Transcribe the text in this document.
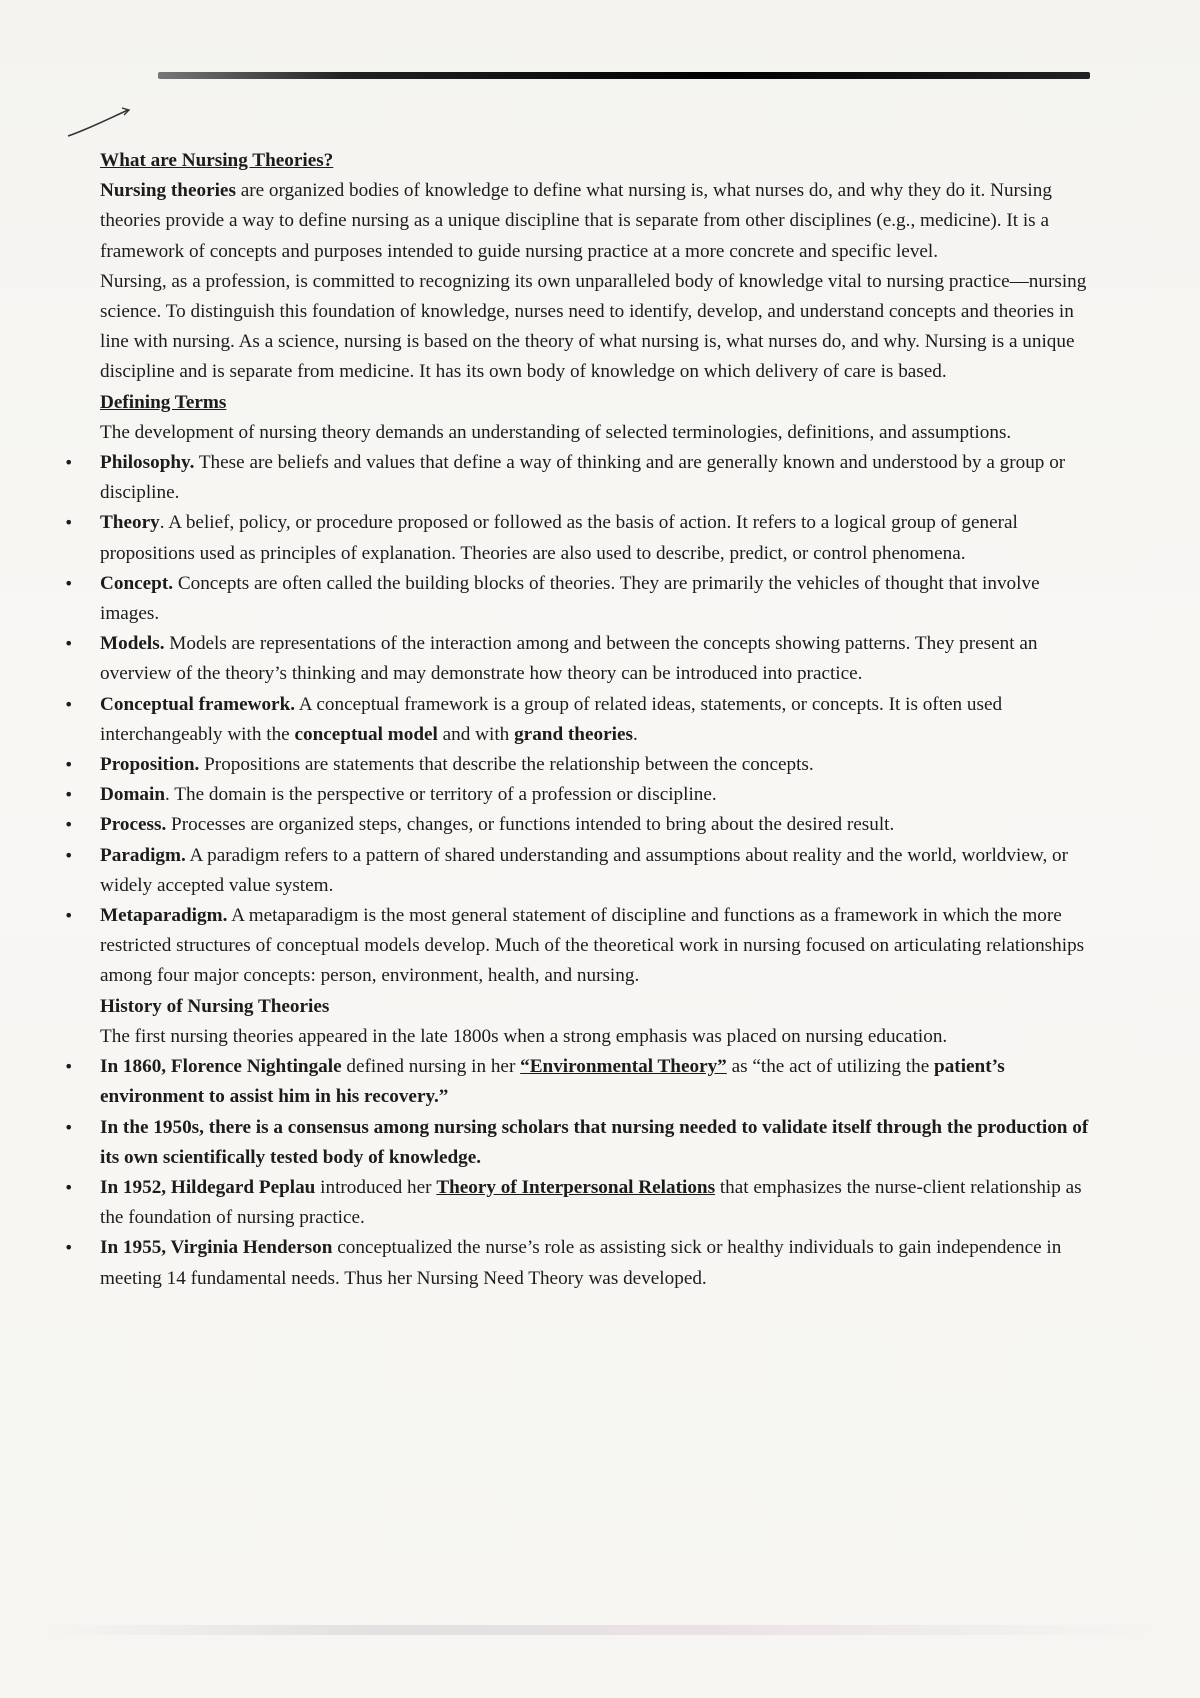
What are Nursing Theories?

Nursing theories are organized bodies of knowledge to define what nursing is, what nurses do, and why they do it. Nursing theories provide a way to define nursing as a unique discipline that is separate from other disciplines (e.g., medicine). It is a framework of concepts and purposes intended to guide nursing practice at a more concrete and specific level.

Nursing, as a profession, is committed to recognizing its own unparalleled body of knowledge vital to nursing practice—nursing science. To distinguish this foundation of knowledge, nurses need to identify, develop, and understand concepts and theories in line with nursing. As a science, nursing is based on the theory of what nursing is, what nurses do, and why. Nursing is a unique discipline and is separate from medicine. It has its own body of knowledge on which delivery of care is based.

Defining Terms

The development of nursing theory demands an understanding of selected terminologies, definitions, and assumptions.

• Philosophy. These are beliefs and values that define a way of thinking and are generally known and understood by a group or discipline.
• Theory. A belief, policy, or procedure proposed or followed as the basis of action. It refers to a logical group of general propositions used as principles of explanation. Theories are also used to describe, predict, or control phenomena.
• Concept. Concepts are often called the building blocks of theories. They are primarily the vehicles of thought that involve images.
• Models. Models are representations of the interaction among and between the concepts showing patterns. They present an overview of the theory’s thinking and may demonstrate how theory can be introduced into practice.
• Conceptual framework. A conceptual framework is a group of related ideas, statements, or concepts. It is often used interchangeably with the conceptual model and with grand theories.
• Proposition. Propositions are statements that describe the relationship between the concepts.
• Domain. The domain is the perspective or territory of a profession or discipline.
• Process. Processes are organized steps, changes, or functions intended to bring about the desired result.
• Paradigm. A paradigm refers to a pattern of shared understanding and assumptions about reality and the world, worldview, or widely accepted value system.
• Metaparadigm. A metaparadigm is the most general statement of discipline and functions as a framework in which the more restricted structures of conceptual models develop. Much of the theoretical work in nursing focused on articulating relationships among four major concepts: person, environment, health, and nursing.

History of Nursing Theories

The first nursing theories appeared in the late 1800s when a strong emphasis was placed on nursing education.

• In 1860, Florence Nightingale defined nursing in her “Environmental Theory” as “the act of utilizing the patient’s environment to assist him in his recovery.”
• In the 1950s, there is a consensus among nursing scholars that nursing needed to validate itself through the production of its own scientifically tested body of knowledge.
• In 1952, Hildegard Peplau introduced her Theory of Interpersonal Relations that emphasizes the nurse-client relationship as the foundation of nursing practice.
• In 1955, Virginia Henderson conceptualized the nurse’s role as assisting sick or healthy individuals to gain independence in meeting 14 fundamental needs. Thus her Nursing Need Theory was developed.
